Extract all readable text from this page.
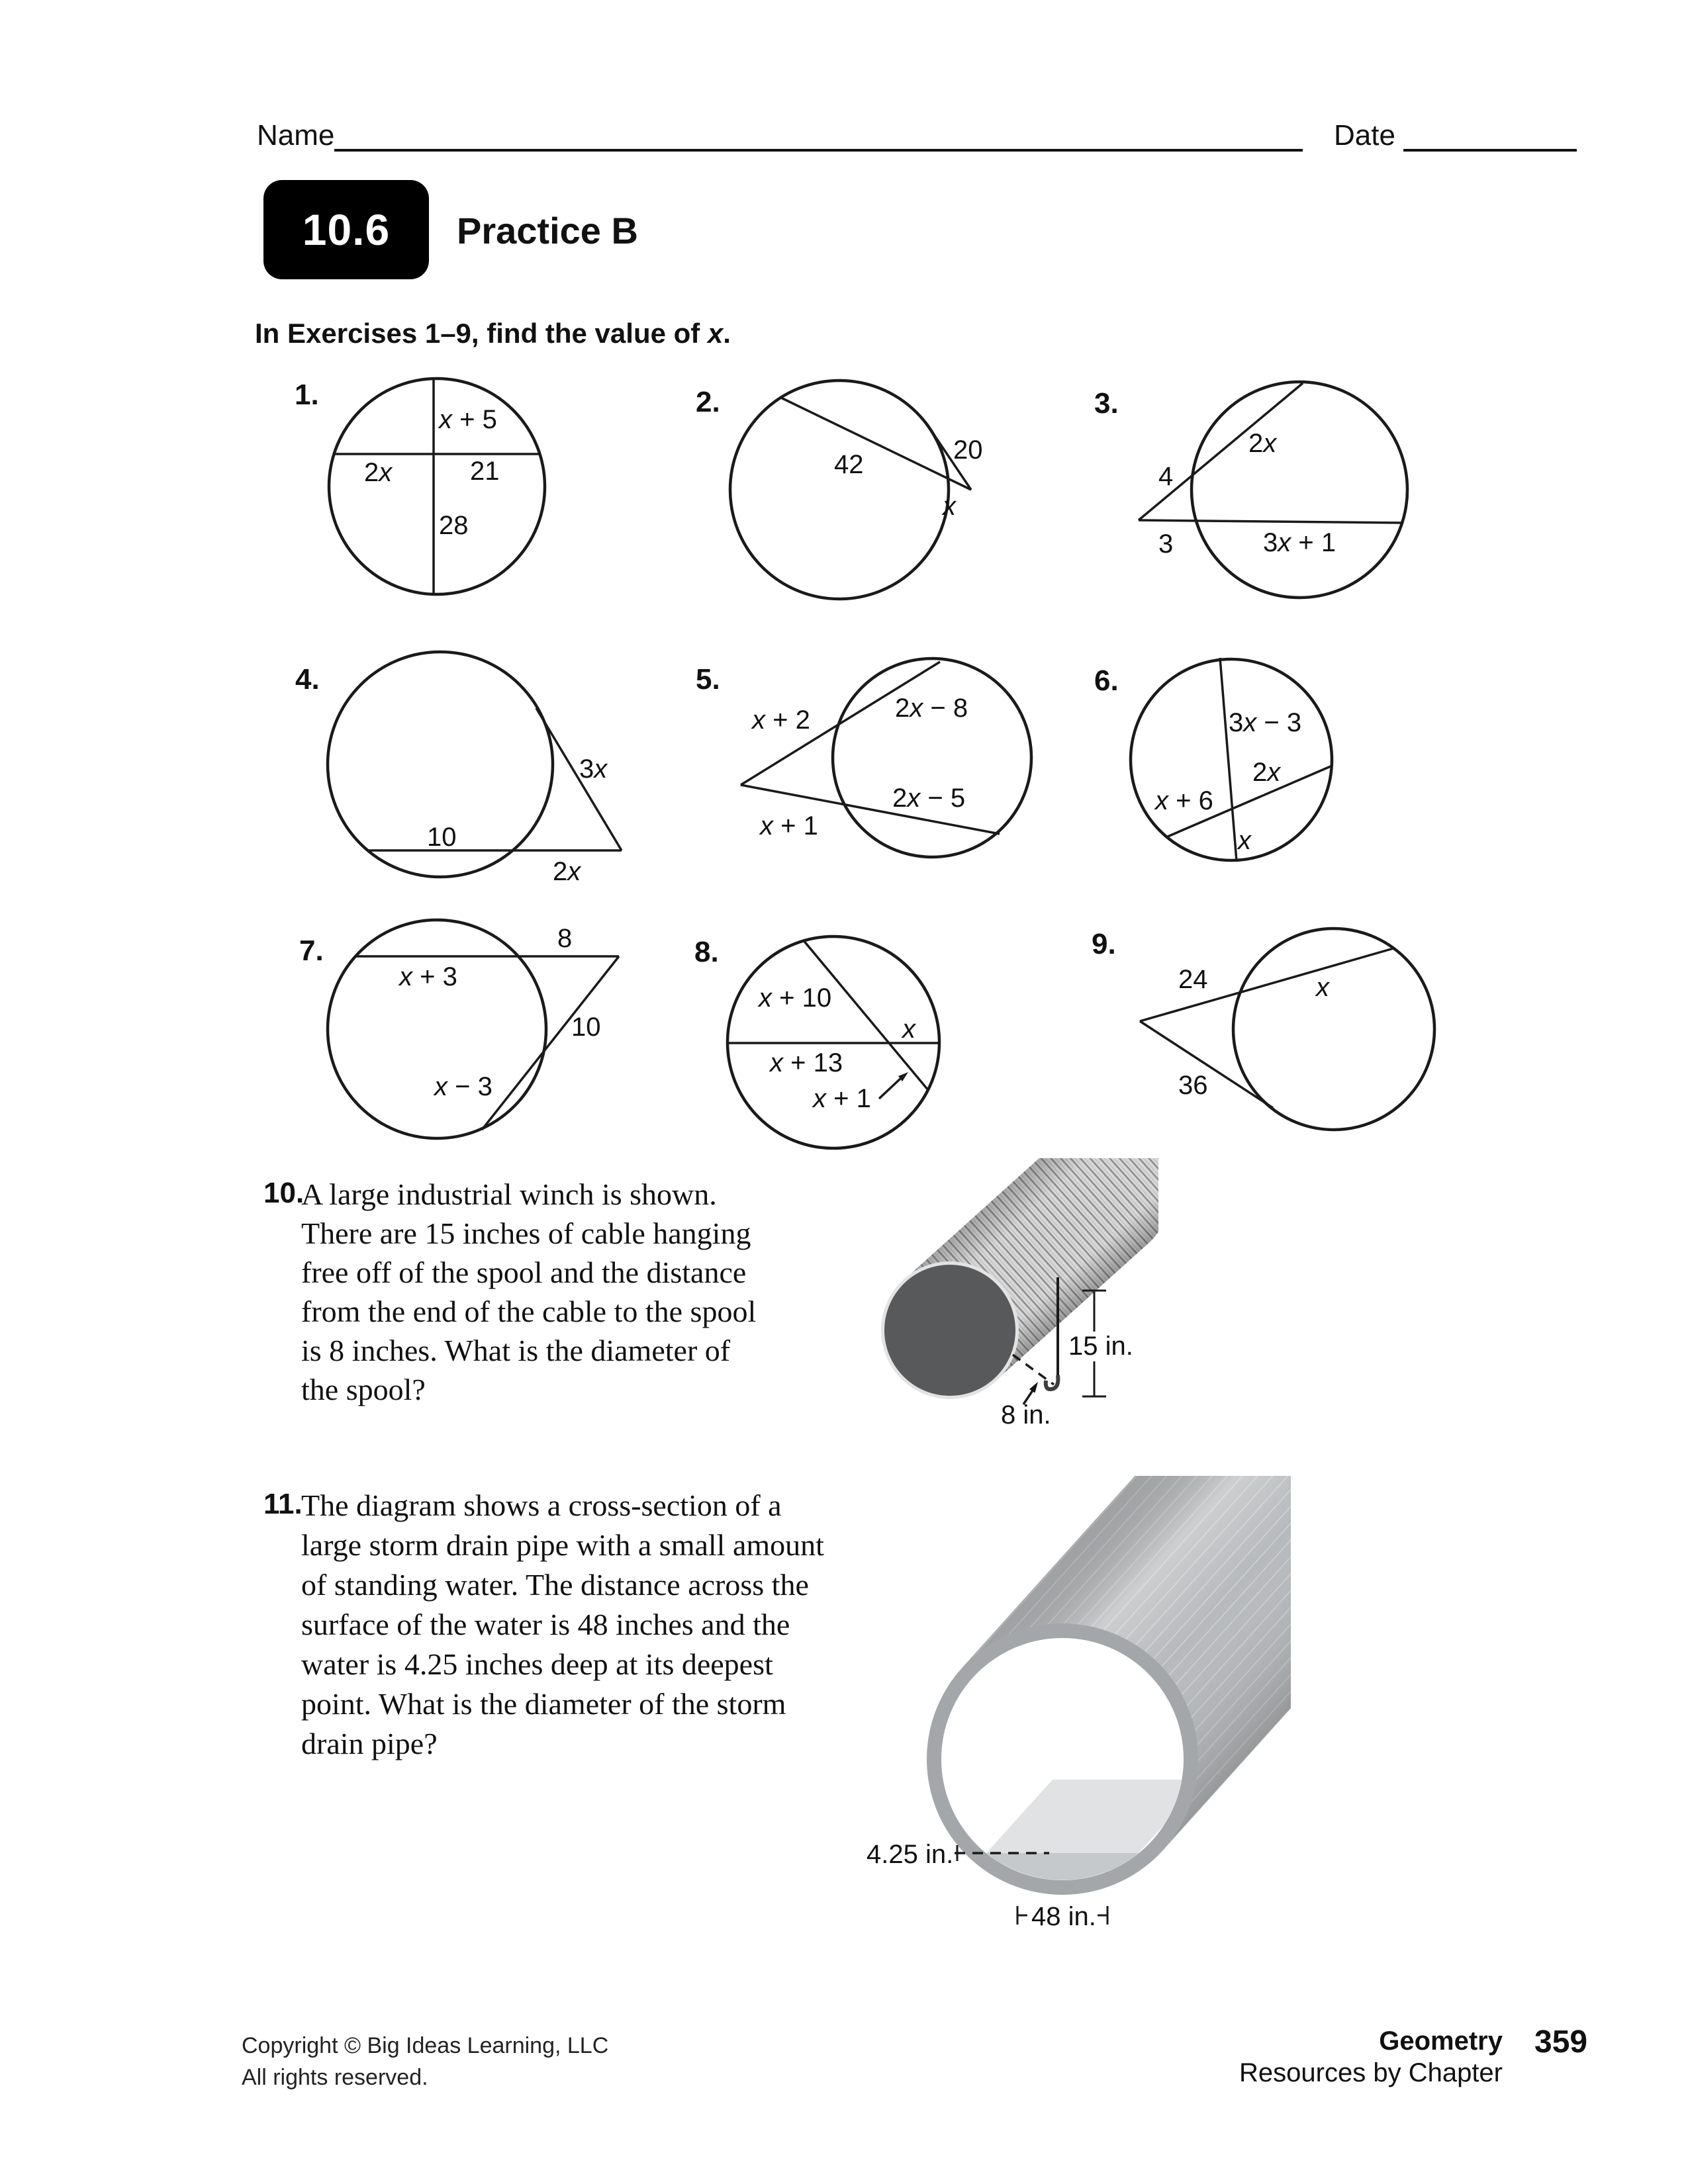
Name	Date
10.6 Practice B
In Exercises 1–9, find the value of x.
1.
x + 5
2x	21
28
2.
42	20
x
3.
4
2x
3	3x + 1
4.
3x
10
2x
5.
x + 2	2x − 8
x + 1
2x − 5
6.
3x − 3
2x
x + 6
x
7.	8
x + 3
10
x − 3
8.
x + 10
x
x + 13
x + 1
9.
24	x
36
10.
A large industrial winch is shown.
There are 15 inches of cable hanging
free off of the spool and the distance
from the end of the cable to the spool
is 8 inches. What is the diameter of
the spool?
15 in.
8 in.
11.
The diagram shows a cross-section of a
large storm drain pipe with a small amount
of standing water. The distance across the
surface of the water is 48 inches and the
water is 4.25 inches deep at its deepest
point. What is the diameter of the storm
drain pipe?
4.25 in.
48 in.
Copyright © Big Ideas Learning, LLC
All rights reserved.
Geometry 359
Resources by Chapter
